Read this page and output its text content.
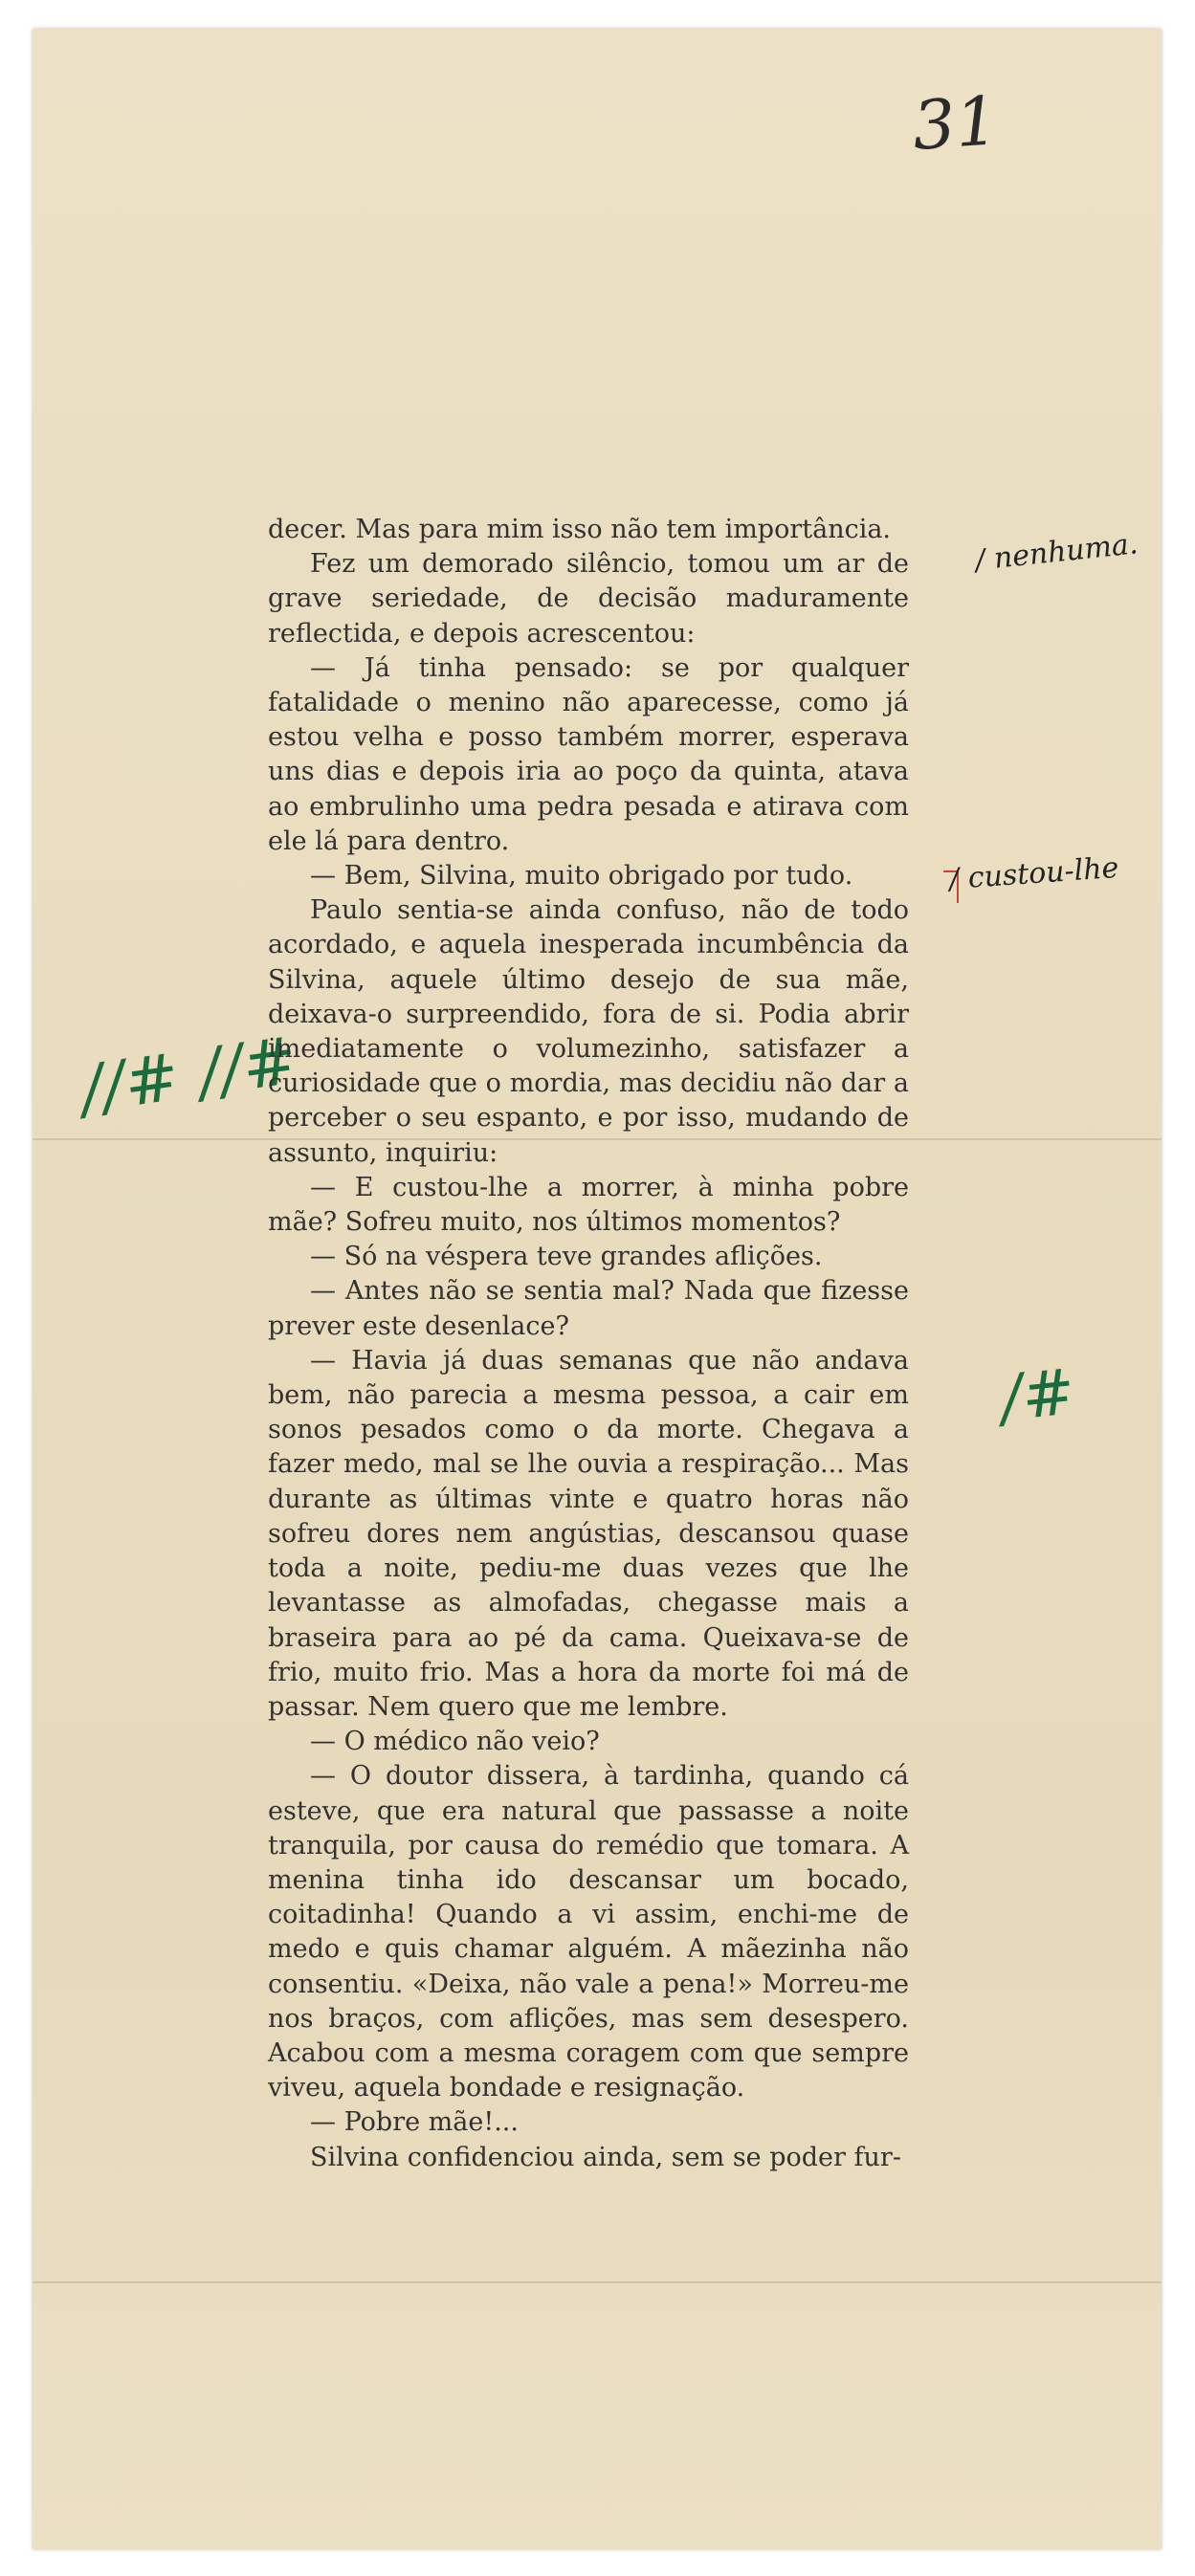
31
/ nenhuma.
/ custou-lhe
//# //#
/#

decer. Mas para mim isso não tem importância.

Fez um demorado silêncio, tomou um ar de grave seriedade, de decisão maduramente reflectida, e depois acrescentou:

— Já tinha pensado: se por qualquer fatalidade o menino não aparecesse, como já estou velha e posso também morrer, esperava uns dias e depois iria ao poço da quinta, atava ao embrulinho uma pedra pesada e atirava com ele lá para dentro.

— Bem, Silvina, muito obrigado por tudo.

Paulo sentia-se ainda confuso, não de todo acordado, e aquela inesperada incumbência da Silvina, aquele último desejo de sua mãe, deixava-o surpreendido, fora de si. Podia abrir imediatamente o volumezinho, satisfazer a curiosidade que o mordia, mas decidiu não dar a perceber o seu espanto, e por isso, mudando de assunto, inquiriu:

— E custou-lhe a morrer, à minha pobre mãe? Sofreu muito, nos últimos momentos?

— Só na véspera teve grandes aflições.

— Antes não se sentia mal? Nada que fizesse prever este desenlace?

— Havia já duas semanas que não andava bem, não parecia a mesma pessoa, a cair em sonos pesados como o da morte. Chegava a fazer medo, mal se lhe ouvia a respiração... Mas durante as últimas vinte e quatro horas não sofreu dores nem angústias, descansou quase toda a noite, pediu-me duas vezes que lhe levantasse as almofadas, chegasse mais a braseira para ao pé da cama. Queixava-se de frio, muito frio. Mas a hora da morte foi má de passar. Nem quero que me lembre.

— O médico não veio?

— O doutor dissera, à tardinha, quando cá esteve, que era natural que passasse a noite tranquila, por causa do remédio que tomara. A menina tinha ido descansar um bocado, coitadinha! Quando a vi assim, enchi-me de medo e quis chamar alguém. A mãezinha não consentiu. «Deixa, não vale a pena!» Morreu-me nos braços, com aflições, mas sem desespero. Acabou com a mesma coragem com que sempre viveu, aquela bondade e resignação.

— Pobre mãe!...

Silvina confidenciou ainda, sem se poder fur-
